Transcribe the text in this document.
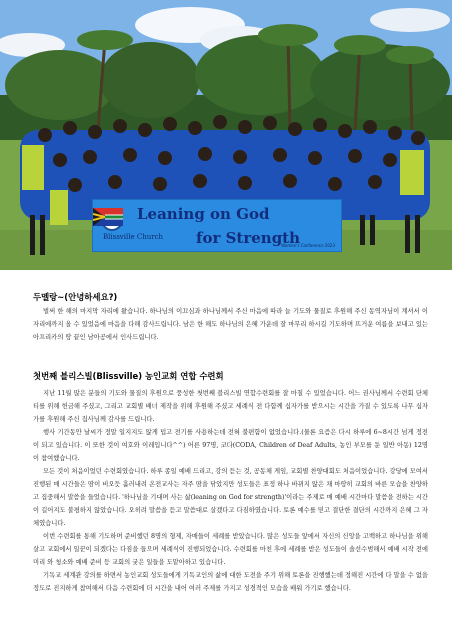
Leaning on God
for Strength
Blissville Church
Women's Conference 2023
두멜랑~(안녕하세요?)

벌써 한 해의 마지막 자리에 왔습니다. 하나님의 이끄심과 하나님께서 주신 마음에 따라 늘 기도와 물질로 후원해 주신 동역자님이 계셔서 이 자리에까지 올 수 있었음에 마음을 다해 감사드립니다. 남은 한 해도 하나님의 은혜 가운데 잘 마무리 하시길 기도하며 뜨거운 여름을 보내고 있는 아프리카의 땅 끝인 남아공에서 인사드립니다.

첫번째 블리스빌(Blissville) 농인교회 연합 수련회

지난 11월 많은 분들의 기도와 물질의 후원으로 풍성한 첫번째 블리스빌 연합수련회를 잘 마칠 수 있었습니다. 어느 권사님께서 수련회 단체티를 위해 헌금해 주셨고, 그리고 교회별 배너 제작을 위해 후원해 주셨고 세례식 전 다함께 십자가를 받으시는 시간을 가질 수 있도록 나무 십자가를 후원해 주신 집사님께 감사를 드립니다.

행사 기간동안 날씨가 정말 일지지도 않게 덥고 전기를 사용하는데 전혀 불편함이 없었습니다.(물론 요즘은 다시 하루에 6~8시간 넘게 정전이 되고 있습니다. 이 또한 것이 여호와 이레입니다^^) 어른 97명, 코다(CODA, Children of Deaf Adults, 농인 부모를 둔 일반 아동) 12명이 참여했습니다.

모든 것이 처음이었던 수련회였습니다. 하루 종일 예배 드리고, 강의 듣는 것, 공동체 게임, 교회별 찬양대회도 처음이었습니다. 강당에 모여서 진행된 매 시간들은 땀이 비오듯 흘러내려 온전교사는 자주 땀을 닦았지만 성도들은 표정 하나 바뀌지 않은 채 마땅히 교회의 바른 모습을 찬양하고 집중해서 말씀을 들었습니다. '하나님을 기대며 사는 삶(leaning on God for strength)'이라는 주제로 매 예배 시간마다 말씀을 전하는 시간이 길어지도 불평하지 않았습니다. 오히려 말씀을 듣고 말씀대로 살겠다고 다짐하였습니다. 토론 예수를 믿고 결단한 결단의 시간까지 은혜 그 자체였습니다.

이번 수련회를 통해 기도하며 준비했던 8명의 형제, 자매들이 세례를 받았습니다. 많은 성도들 앞에서 자신의 신앙을 고백하고 하나님을 위해 살고 교회에서 일꾼이 되겠다는 다짐을 들으며 세례식이 진행되었습니다. 수련회를 마친 후에 세례를 받은 성도들이 솔선수범해서 예배 시작 전에 미리 와 청소와 예배 준비 등 교회의 궂은 일들을 도맡아하고 있습니다.

기독교 세계관 강의를 하면서 농인교회 성도들에게 기독교인의 삶에 대한 도전을 주기 위해 토론을 진행했는데 정해진 시간에 다 말을 수 없을 정도로 진지하게 참여해서 다음 수련회에 더 시간을 내어 여러 주제를 가지고 성경적인 모습을 배워 가기로 했습니다.
